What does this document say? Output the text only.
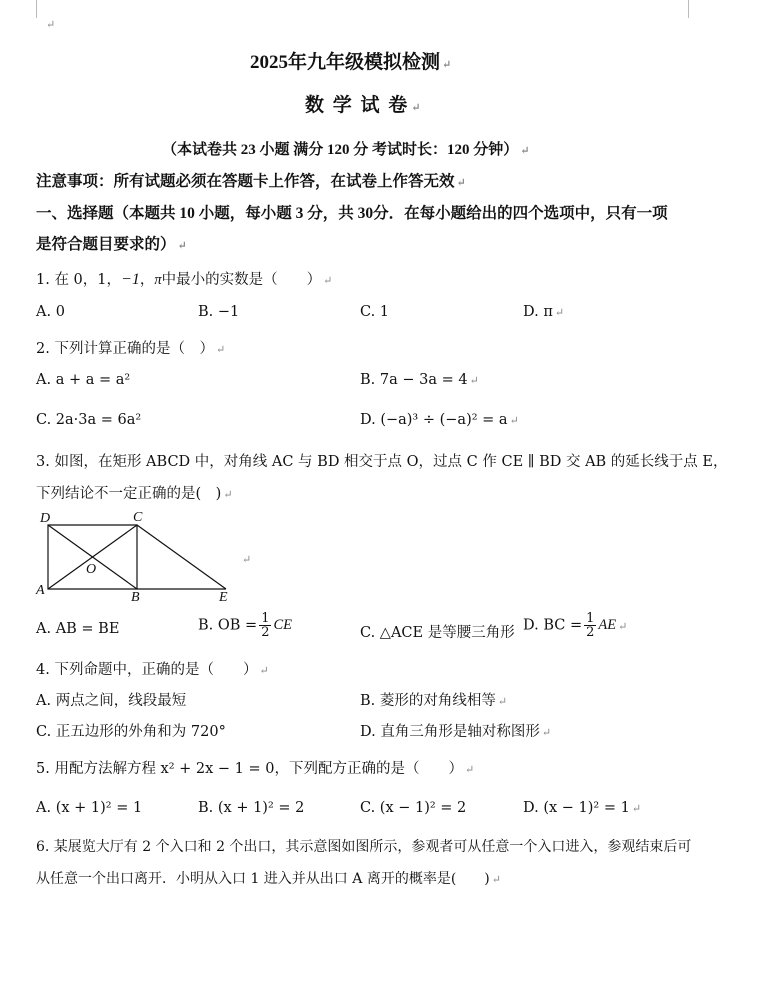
↵
2025年九年级模拟检测 ↵
数 学 试 卷 ↵
（本试卷共 23 小题 满分 120 分 考试时长：120 分钟） ↵
注意事项：所有试题必须在答题卡上作答，在试卷上作答无效 ↵
一、选择题（本题共 10 小题，每小题 3 分，共 30分．在每小题给出的四个选项中，只有一项
是符合题目要求的） ↵
1. 在 0，1，−1，π中最小的实数是（　　） ↵
A. 0	B. −1	C. 1	D. π ↵
2. 下列计算正确的是（　） ↵
A. a + a = a²	B. 7a − 3a = 4 ↵
C. 2a·3a = 6a²	D. (−a)³ ÷ (−a)² = a ↵
3. 如图，在矩形 ABCD 中，对角线 AC 与 BD 相交于点 O，过点 C 作 CE ∥ BD 交 AB 的延长线于点 E，
下列结论不一定正确的是(　) ↵
D	C
O
A	B	E
↵
A. AB = BE	B. OB = $\frac{1}{2}$ CE	C. △ACE 是等腰三角形 D. BC = $\frac{1}{2}$ AE ↵
4. 下列命题中，正确的是（　　） ↵
A. 两点之间，线段最短	B. 菱形的对角线相等 ↵
C. 正五边形的外角和为 720°	D. 直角三角形是轴对称图形 ↵
5. 用配方法解方程 x² + 2x − 1 = 0，下列配方正确的是（　　） ↵
A. (x + 1)² = 1	B. (x + 1)² = 2	C. (x − 1)² = 2	D. (x − 1)² = 1 ↵
6. 某展览大厅有 2 个入口和 2 个出口，其示意图如图所示，参观者可从任意一个入口进入，参观结束后可
从任意一个出口离开．小明从入口 1 进入并从出口 A 离开的概率是(　　) ↵
